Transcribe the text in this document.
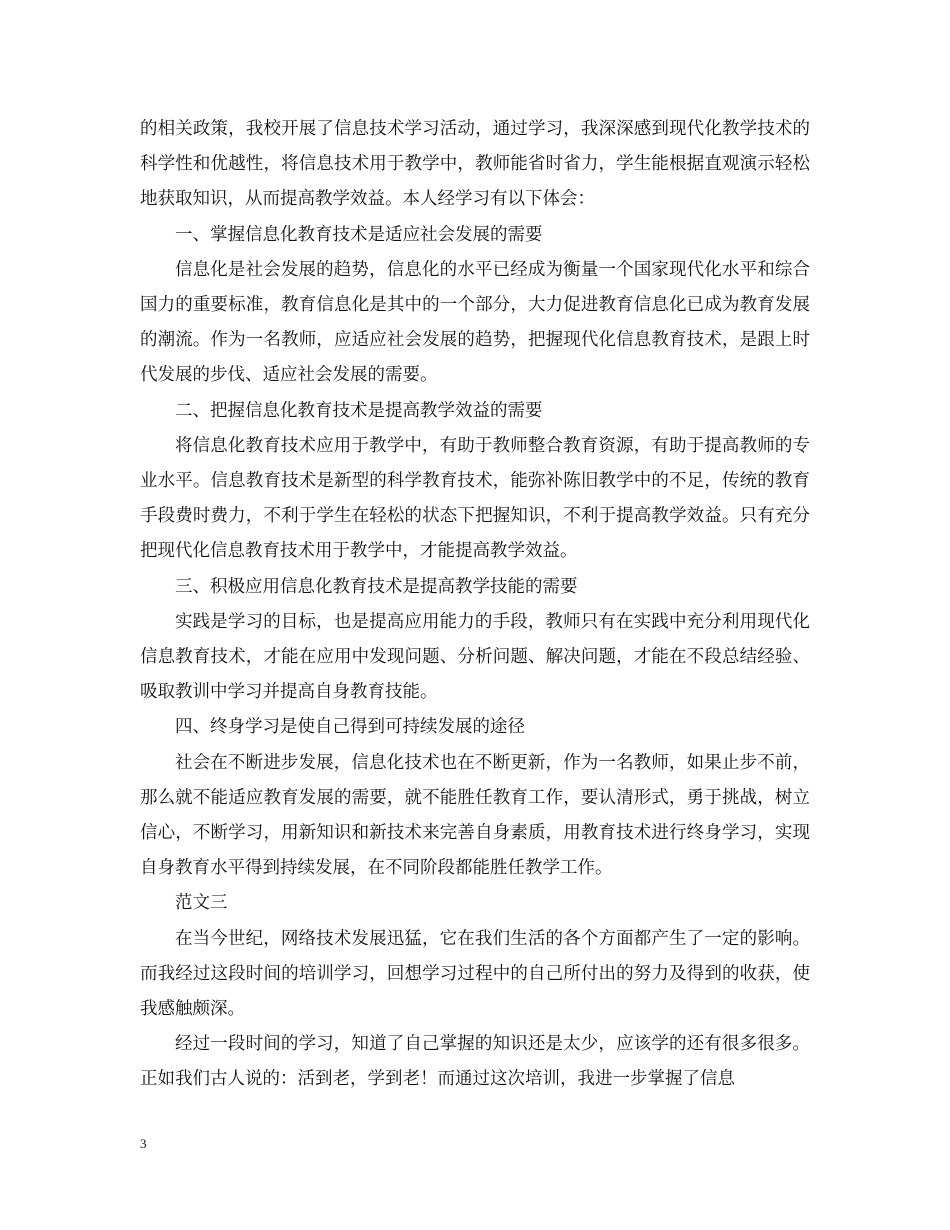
的相关政策，我校开展了信息技术学习活动，通过学习，我深深感到现代化教学技术的科学性和优越性，将信息技术用于教学中，教师能省时省力，学生能根据直观演示轻松地获取知识，从而提高教学效益。本人经学习有以下体会：

一、掌握信息化教育技术是适应社会发展的需要

信息化是社会发展的趋势，信息化的水平已经成为衡量一个国家现代化水平和综合国力的重要标准，教育信息化是其中的一个部分，大力促进教育信息化已成为教育发展的潮流。作为一名教师，应适应社会发展的趋势，把握现代化信息教育技术，是跟上时代发展的步伐、适应社会发展的需要。

二、把握信息化教育技术是提高教学效益的需要

将信息化教育技术应用于教学中，有助于教师整合教育资源，有助于提高教师的专业水平。信息教育技术是新型的科学教育技术，能弥补陈旧教学中的不足，传统的教育手段费时费力，不利于学生在轻松的状态下把握知识，不利于提高教学效益。只有充分把现代化信息教育技术用于教学中，才能提高教学效益。

三、积极应用信息化教育技术是提高教学技能的需要

实践是学习的目标，也是提高应用能力的手段，教师只有在实践中充分利用现代化信息教育技术，才能在应用中发现问题、分析问题、解决问题，才能在不段总结经验、吸取教训中学习并提高自身教育技能。

四、终身学习是使自己得到可持续发展的途径

社会在不断进步发展，信息化技术也在不断更新，作为一名教师，如果止步不前，那么就不能适应教育发展的需要，就不能胜任教育工作，要认清形式，勇于挑战，树立信心，不断学习，用新知识和新技术来完善自身素质，用教育技术进行终身学习，实现自身教育水平得到持续发展，在不同阶段都能胜任教学工作。

范文三

在当今世纪，网络技术发展迅猛，它在我们生活的各个方面都产生了一定的影响。而我经过这段时间的培训学习，回想学习过程中的自己所付出的努力及得到的收获，使我感触颇深。

经过一段时间的学习，知道了自己掌握的知识还是太少，应该学的还有很多很多。正如我们古人说的：活到老，学到老！而通过这次培训，我进一步掌握了信息

3
